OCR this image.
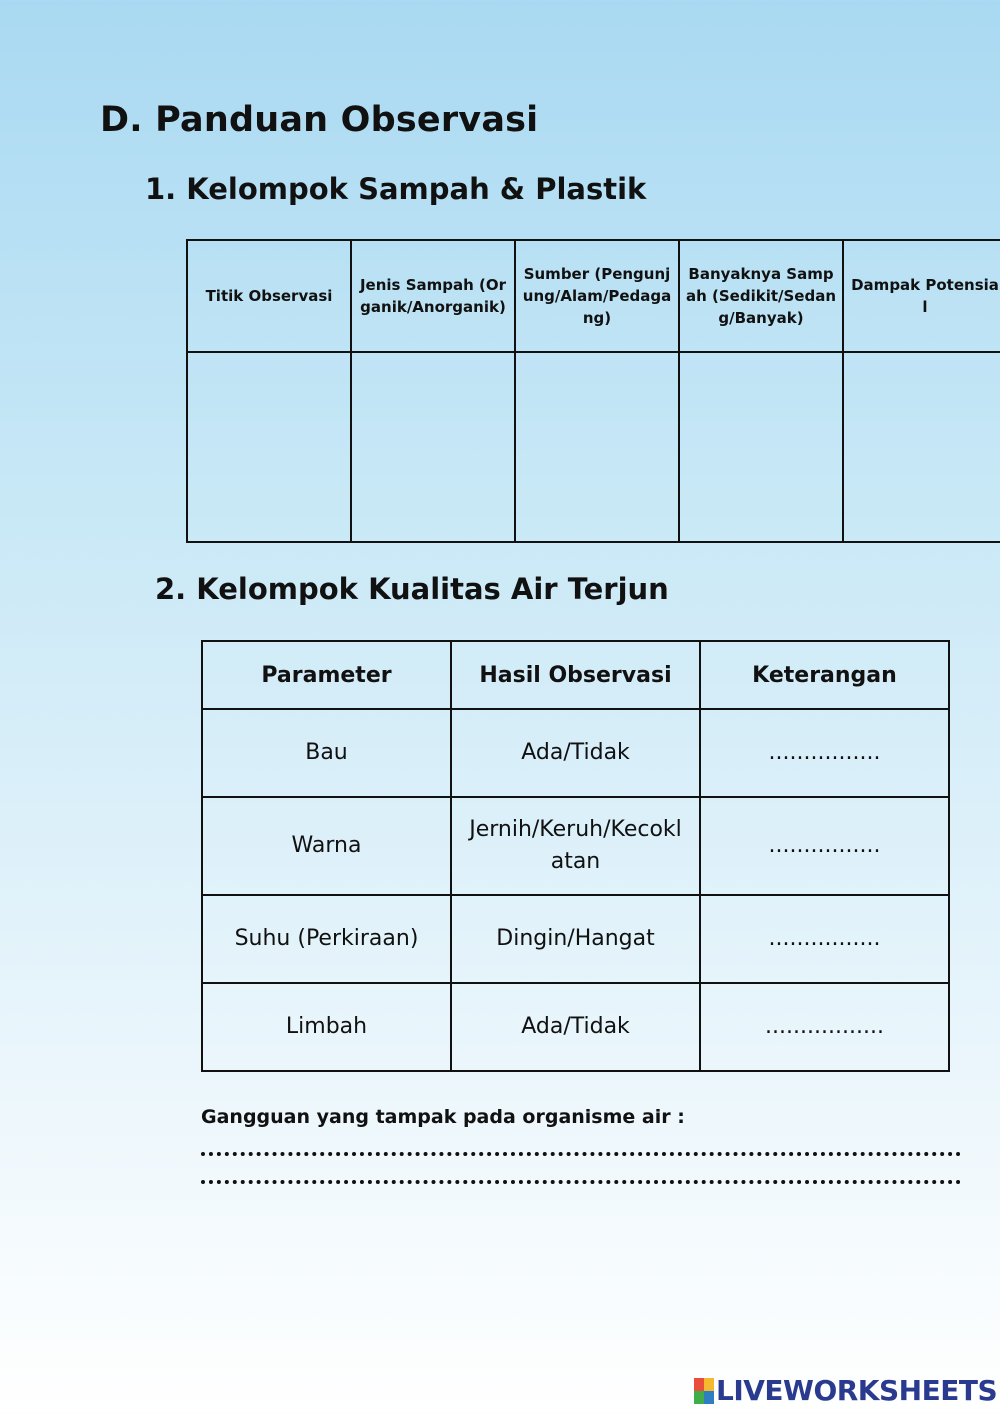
D. Panduan Observasi
1. Kelompok Sampah & Plastik
Titik Observasi	Jenis Sampah (Organik/Anorganik)	Sumber (Pengunjung/Alam/Pedagang)	Banyaknya Sampah (Sedikit/Sedang/Banyak)	Dampak Potensial

2. Kelompok Kualitas Air Terjun
Parameter	Hasil Observasi	Keterangan
Bau	Ada/Tidak	................
Warna	Jernih/Keruh/Kecoklatan	................
Suhu (Perkiraan)	Dingin/Hangat	................
Limbah	Ada/Tidak	.................

Gangguan yang tampak pada organisme air :

LIVEWORKSHEETS
